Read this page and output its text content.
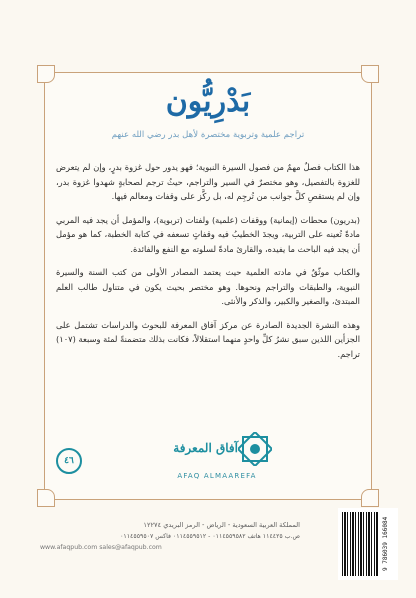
بَدْرِيُّون
تراجم علمية وتربوية مختصرة لأهل بدر رضي الله عنهم

هذا الكتاب فصلٌ مهمٌ من فصول السيرة النبوية؛ فهو يدور حول غزوة بدرٍ، وإن لم يتعرض للغزوة بالتفصيل، وهو مختصرٌ في السير والتراجم، حيثُ ترجم لصحابةٍ شهدوا غزوة بدر، وإن لم يستقصِ كلَّ جوانب من تُرجِم له، بل ركَّز على وقفات ومعالم فيها.

(بدريون) محطات (إيمانية) ووقفات (علمية) ولفتات (تربوية)، والمؤمل أن يجد فيه المربي مادةً تُعينه على التربية، ويجدَ الخطيبُ فيه وقفاتٍ تسعفه في كتابة الخطبة، كما هو مؤمل أن يجد فيه الباحث ما يفيده، والقارئ مادةً لسلوته مع النفع والفائدة.

والكتاب موثّقٌ في مادته العلمية حيث يعتمد المصادر الأولى من كتب السنة والسيرة النبوية، والطبقات والتراجم ونحوها. وهو مختصر بحيث يكون في متناول طالب العلم المبتدئ، والصغير والكبير، والذكر والأنثى.

وهذه النشرة الجديدة الصادرة عن مركز آفاق المعرفة للبحوث والدراسات تشتمل على الجزأين اللذين سبق نشرُ كلِّ واحدٍ منهما استقلالاً، فكانت بذلك متضمنةً لمئة وسبعة (١٠٧) تراجم.

٤٦
آفاق المعرفة
AFAQ ALMAAREFA
المملكة العربية السعودية - الرياض - الرمز البريدي ١٢٢٧٤
ص.ب ١١٤٤٢٥ هاتف ٠١١٤٥٥٩٥٨٢ - ٠١١٤٥٥٩٥١٢ فاكس ٠١١٤٥٥٩٥٠٧
www.afaqpub.com sales@afaqpub.com	9 786039 166084
